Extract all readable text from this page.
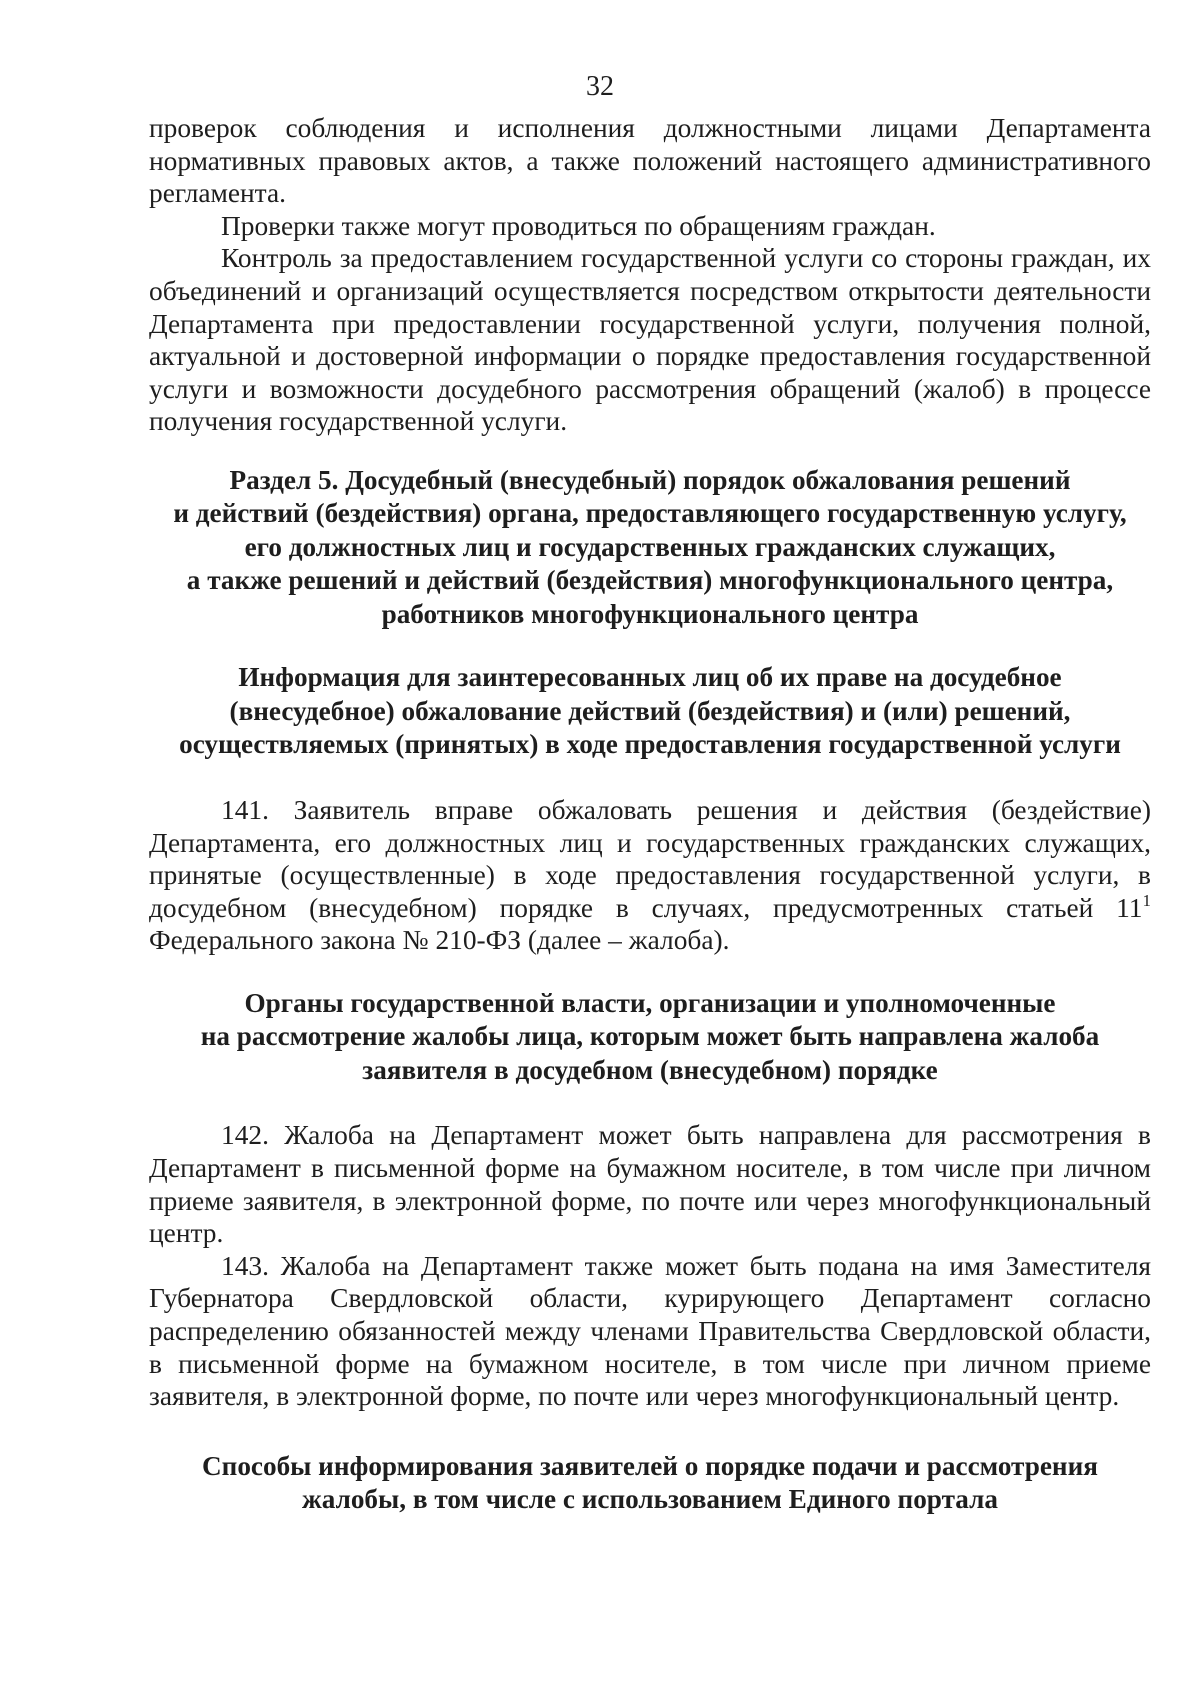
32

проверок соблюдения и исполнения должностными лицами Департамента нормативных правовых актов, а также положений настоящего административного регламента.

Проверки также могут проводиться по обращениям граждан.

Контроль за предоставлением государственной услуги со стороны граждан, их объединений и организаций осуществляется посредством открытости деятельности Департамента при предоставлении государственной услуги, получения полной, актуальной и достоверной информации о порядке предоставления государственной услуги и возможности досудебного рассмотрения обращений (жалоб) в процессе получения государственной услуги.

Раздел 5. Досудебный (внесудебный) порядок обжалования решений
и действий (бездействия) органа, предоставляющего государственную услугу,
его должностных лиц и государственных гражданских служащих,
а также решений и действий (бездействия) многофункционального центра,
работников многофункционального центра
Информация для заинтересованных лиц об их праве на досудебное
(внесудебное) обжалование действий (бездействия) и (или) решений,
осуществляемых (принятых) в ходе предоставления государственной услуги

141. Заявитель вправе обжаловать решения и действия (бездействие) Департамента, его должностных лиц и государственных гражданских служащих, принятые (осуществленные) в ходе предоставления государственной услуги, в досудебном (внесудебном) порядке в случаях, предусмотренных статьей $11^1$ Федерального закона № 210-ФЗ (далее – жалоба).

Органы государственной власти, организации и уполномоченные
на рассмотрение жалобы лица, которым может быть направлена жалоба
заявителя в досудебном (внесудебном) порядке

142. Жалоба на Департамент может быть направлена для рассмотрения в Департамент в письменной форме на бумажном носителе, в том числе при личном приеме заявителя, в электронной форме, по почте или через многофункциональный центр.

143. Жалоба на Департамент также может быть подана на имя Заместителя Губернатора Свердловской области, курирующего Департамент согласно распределению обязанностей между членами Правительства Свердловской области, в письменной форме на бумажном носителе, в том числе при личном приеме заявителя, в электронной форме, по почте или через многофункциональный центр.

Способы информирования заявителей о порядке подачи и рассмотрения
жалобы, в том числе с использованием Единого портала
